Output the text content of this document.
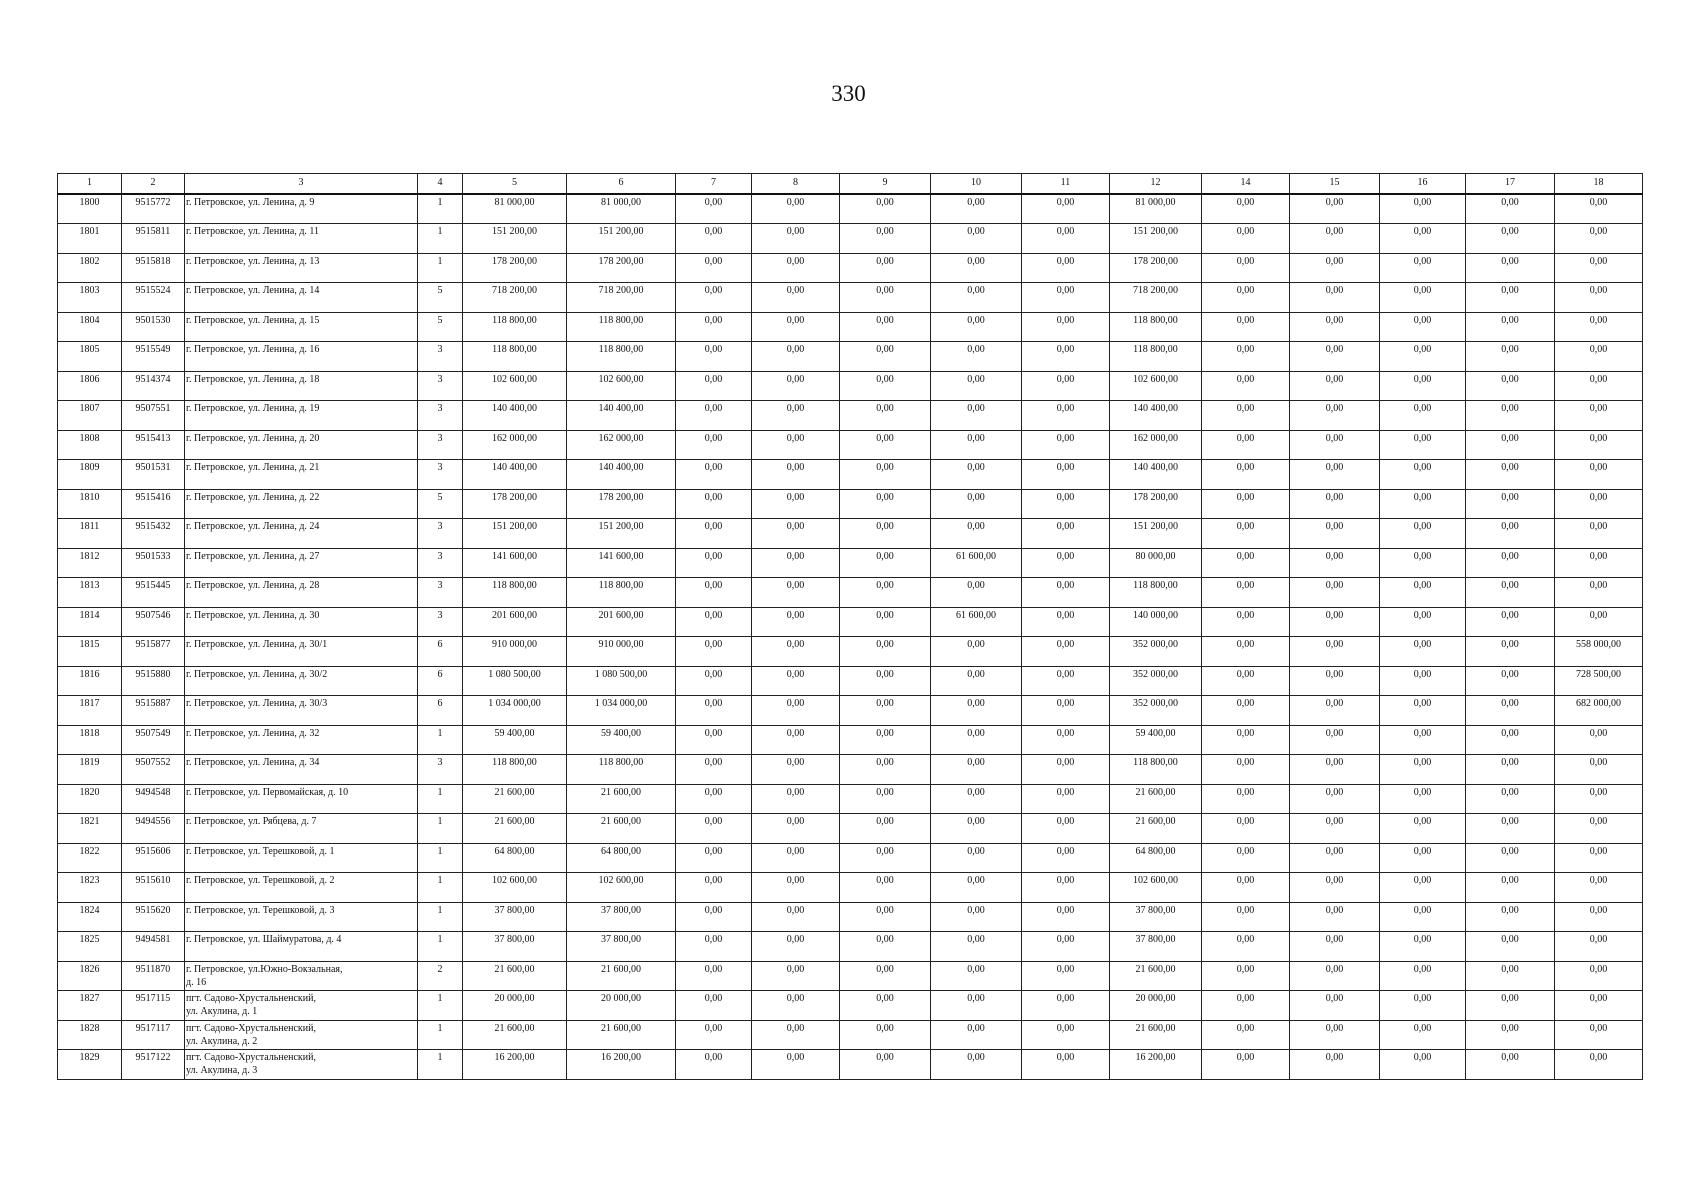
330
1	2	3	4	5	6	7	8	9	10	11	12	14	15	16	17	18
1800	9515772	г. Петровское, ул. Ленина, д. 9	1	81 000,00	81 000,00	0,00	0,00	0,00	0,00	0,00	81 000,00	0,00	0,00	0,00	0,00	0,00
1801	9515811	г. Петровское, ул. Ленина, д. 11	1	151 200,00	151 200,00	0,00	0,00	0,00	0,00	0,00	151 200,00	0,00	0,00	0,00	0,00	0,00
1802	9515818	г. Петровское, ул. Ленина, д. 13	1	178 200,00	178 200,00	0,00	0,00	0,00	0,00	0,00	178 200,00	0,00	0,00	0,00	0,00	0,00
1803	9515524	г. Петровское, ул. Ленина, д. 14	5	718 200,00	718 200,00	0,00	0,00	0,00	0,00	0,00	718 200,00	0,00	0,00	0,00	0,00	0,00
1804	9501530	г. Петровское, ул. Ленина, д. 15	5	118 800,00	118 800,00	0,00	0,00	0,00	0,00	0,00	118 800,00	0,00	0,00	0,00	0,00	0,00
1805	9515549	г. Петровское, ул. Ленина, д. 16	3	118 800,00	118 800,00	0,00	0,00	0,00	0,00	0,00	118 800,00	0,00	0,00	0,00	0,00	0,00
1806	9514374	г. Петровское, ул. Ленина, д. 18	3	102 600,00	102 600,00	0,00	0,00	0,00	0,00	0,00	102 600,00	0,00	0,00	0,00	0,00	0,00
1807	9507551	г. Петровское, ул. Ленина, д. 19	3	140 400,00	140 400,00	0,00	0,00	0,00	0,00	0,00	140 400,00	0,00	0,00	0,00	0,00	0,00
1808	9515413	г. Петровское, ул. Ленина, д. 20	3	162 000,00	162 000,00	0,00	0,00	0,00	0,00	0,00	162 000,00	0,00	0,00	0,00	0,00	0,00
1809	9501531	г. Петровское, ул. Ленина, д. 21	3	140 400,00	140 400,00	0,00	0,00	0,00	0,00	0,00	140 400,00	0,00	0,00	0,00	0,00	0,00
1810	9515416	г. Петровское, ул. Ленина, д. 22	5	178 200,00	178 200,00	0,00	0,00	0,00	0,00	0,00	178 200,00	0,00	0,00	0,00	0,00	0,00
1811	9515432	г. Петровское, ул. Ленина, д. 24	3	151 200,00	151 200,00	0,00	0,00	0,00	0,00	0,00	151 200,00	0,00	0,00	0,00	0,00	0,00
1812	9501533	г. Петровское, ул. Ленина, д. 27	3	141 600,00	141 600,00	0,00	0,00	0,00	61 600,00	0,00	80 000,00	0,00	0,00	0,00	0,00	0,00
1813	9515445	г. Петровское, ул. Ленина, д. 28	3	118 800,00	118 800,00	0,00	0,00	0,00	0,00	0,00	118 800,00	0,00	0,00	0,00	0,00	0,00
1814	9507546	г. Петровское, ул. Ленина, д. 30	3	201 600,00	201 600,00	0,00	0,00	0,00	61 600,00	0,00	140 000,00	0,00	0,00	0,00	0,00	0,00
1815	9515877	г. Петровское, ул. Ленина, д. 30/1	6	910 000,00	910 000,00	0,00	0,00	0,00	0,00	0,00	352 000,00	0,00	0,00	0,00	0,00	558 000,00
1816	9515880	г. Петровское, ул. Ленина, д. 30/2	6	1 080 500,00	1 080 500,00	0,00	0,00	0,00	0,00	0,00	352 000,00	0,00	0,00	0,00	0,00	728 500,00
1817	9515887	г. Петровское, ул. Ленина, д. 30/3	6	1 034 000,00	1 034 000,00	0,00	0,00	0,00	0,00	0,00	352 000,00	0,00	0,00	0,00	0,00	682 000,00
1818	9507549	г. Петровское, ул. Ленина, д. 32	1	59 400,00	59 400,00	0,00	0,00	0,00	0,00	0,00	59 400,00	0,00	0,00	0,00	0,00	0,00
1819	9507552	г. Петровское, ул. Ленина, д. 34	3	118 800,00	118 800,00	0,00	0,00	0,00	0,00	0,00	118 800,00	0,00	0,00	0,00	0,00	0,00
1820	9494548	г. Петровское, ул. Первомайская, д. 10	1	21 600,00	21 600,00	0,00	0,00	0,00	0,00	0,00	21 600,00	0,00	0,00	0,00	0,00	0,00
1821	9494556	г. Петровское, ул. Рябцева, д. 7	1	21 600,00	21 600,00	0,00	0,00	0,00	0,00	0,00	21 600,00	0,00	0,00	0,00	0,00	0,00
1822	9515606	г. Петровское, ул. Терешковой, д. 1	1	64 800,00	64 800,00	0,00	0,00	0,00	0,00	0,00	64 800,00	0,00	0,00	0,00	0,00	0,00
1823	9515610	г. Петровское, ул. Терешковой, д. 2	1	102 600,00	102 600,00	0,00	0,00	0,00	0,00	0,00	102 600,00	0,00	0,00	0,00	0,00	0,00
1824	9515620	г. Петровское, ул. Терешковой, д. 3	1	37 800,00	37 800,00	0,00	0,00	0,00	0,00	0,00	37 800,00	0,00	0,00	0,00	0,00	0,00
1825	9494581	г. Петровское, ул. Шаймуратова, д. 4	1	37 800,00	37 800,00	0,00	0,00	0,00	0,00	0,00	37 800,00	0,00	0,00	0,00	0,00	0,00
1826	9511870	г. Петровское, ул.Южно-Вокзальная,
д. 16	2	21 600,00	21 600,00	0,00	0,00	0,00	0,00	0,00	21 600,00	0,00	0,00	0,00	0,00	0,00
1827	9517115	пгт. Садово-Хрустальненский,
ул. Акулина, д. 1	1	20 000,00	20 000,00	0,00	0,00	0,00	0,00	0,00	20 000,00	0,00	0,00	0,00	0,00	0,00
1828	9517117	пгт. Садово-Хрустальненский,
ул. Акулина, д. 2	1	21 600,00	21 600,00	0,00	0,00	0,00	0,00	0,00	21 600,00	0,00	0,00	0,00	0,00	0,00
1829	9517122	пгт. Садово-Хрустальненский,
ул. Акулина, д. 3	1	16 200,00	16 200,00	0,00	0,00	0,00	0,00	0,00	16 200,00	0,00	0,00	0,00	0,00	0,00
